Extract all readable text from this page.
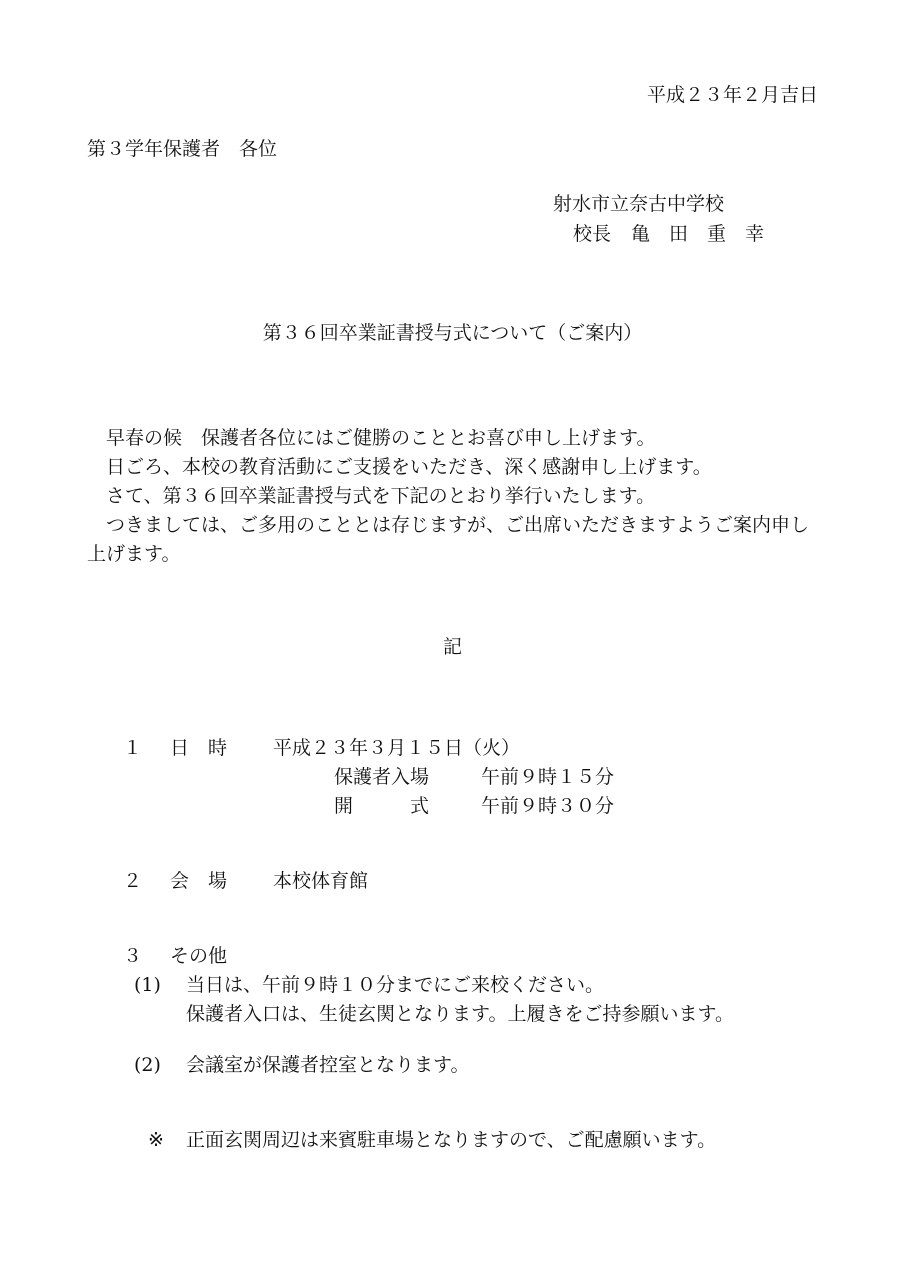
平成２３年２月吉日
第３学年保護者　各位
射水市立奈古中学校
校長 亀　田　重　幸
第３６回卒業証書授与式について（ご案内）
早春の候　保護者各位にはご健勝のこととお喜び申し上げます。
日ごろ、本校の教育活動にご支援をいただき、深く感謝申し上げます。
さて、第３６回卒業証書授与式を下記のとおり挙行いたします。
つきましては、ご多用のこととは存じますが、ご出席いただきますようご案内申し上げます。
記
１ 日　時 平成２３年３月１５日（火）
保護者入場	午前９時１５分
開　　　式	午前９時３０分
２ 会　場 本校体育館
３ その他
(1) 当日は、午前９時１０分までにご来校ください。
保護者入口は、生徒玄関となります。上履きをご持参願います。
(2) 会議室が保護者控室となります。
※ 正面玄関周辺は来賓駐車場となりますので、ご配慮願います。
